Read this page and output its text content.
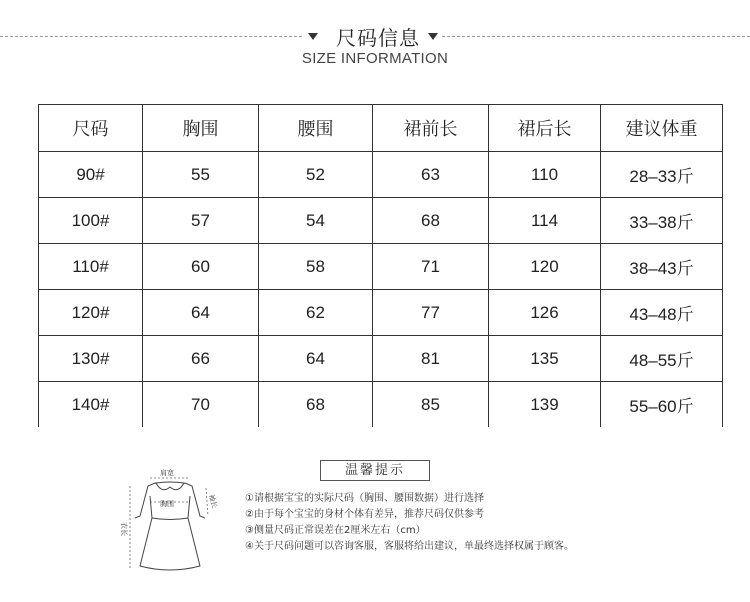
尺码信息
SIZE INFORMATION
尺码	胸围	腰围	裙前长	裙后长	建议体重
90#	55	52	63	110	28–33斤
100#	57	54	68	114	33–38斤
110#	60	58	71	120	38–43斤
120#	64	62	77	126	43–48斤
130#	66	64	81	135	48–55斤
140#	70	68	85	139	55–60斤
肩宽
胸围
衣长
袖长
温馨提示
①请根据宝宝的实际尺码（胸围、腰围数据）进行选择
②由于每个宝宝的身材个体有差异，推荐尺码仅供参考
③侧量尺码正常误差在2厘米左右（cm）
④关于尺码问题可以咨询客服，客服将给出建议，单最终选择权属于顾客。
